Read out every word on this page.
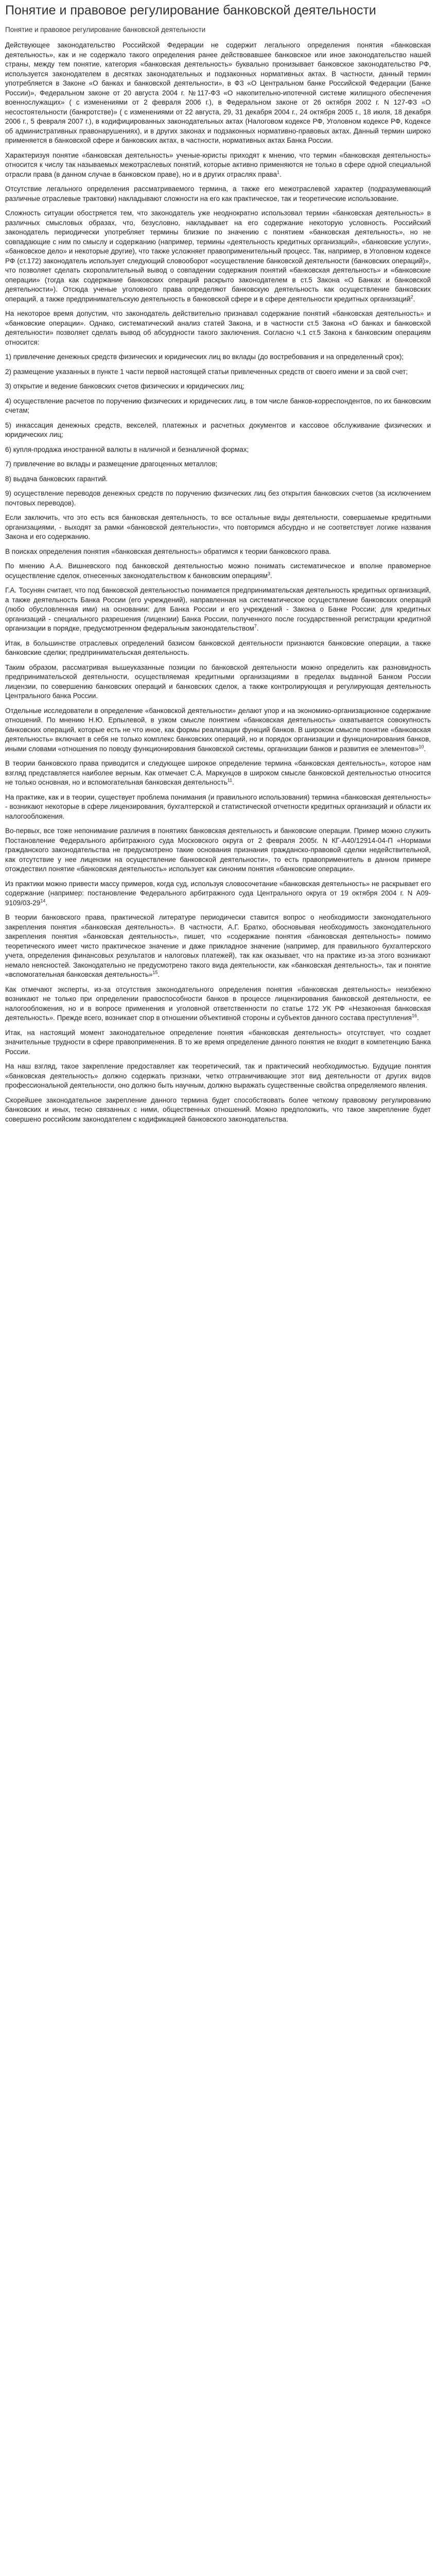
Понятие и правовое регулирование банковской деятельности
Понятие и правовое регулирование банковской деятельности

Действующее законодательство Российской Федерации не содержит легального определения понятия «банковская деятельность», как и не содержало такого определения ранее действовавшее банковское или иное законодательство нашей страны, между тем понятие, категория «банковская деятельность» буквально пронизывает банковское законодательство РФ, используется законодателем в десятках законодательных и подзаконных нормативных актах. В частности, данный термин употребляется в Законе «О банках и банковской деятельности», в ФЗ «О Центральном банке Российской Федерации (Банке России)», Федеральном законе от 20 августа 2004 г. №117-ФЗ «О накопительно-ипотечной системе жилищного обеспечения военнослужащих» ( с изменениями от 2 февраля 2006 г.), в Федеральном законе от 26 октября 2002 г. N 127-ФЗ «О несостоятельности (банкротстве)» ( с изменениями от 22 августа, 29, 31 декабря 2004 г., 24 октября 2005 г., 18 июля, 18 декабря 2006 г., 5 февраля 2007 г.), в кодифицированных законодательных актах (Налоговом кодексе РФ, Уголовном кодексе РФ, Кодексе об административных правонарушениях), и в других законах и подзаконных нормативно-правовых актах. Данный термин широко применяется в банковской сфере и банковских актах, в частности, нормативных актах Банка России.

Характеризуя понятие «банковская деятельность» ученые-юристы приходят к мнению, что термин «банковская деятельность» относится к числу так называемых межотраслевых понятий, которые активно применяются не только в сфере одной специальной отрасли права (в данном случае в банковском праве), но и в других отраслях права$^1$.

Отсутствие легального определения рассматриваемого термина, а также его межотраслевой характер (подразумевающий различные отраслевые трактовки) накладывают сложности на его как практическое, так и теоретические использование.

Сложность ситуации обостряется тем, что законодатель уже неоднократно использовал термин «банковская деятельность» в различных смысловых образах, что, безусловно, накладывает на его содержание некоторую условность. Российский законодатель периодически употребляет термины близкие по значению с понятием «банковская деятельность», но не совпадающие с ним по смыслу и содержанию (например, термины «деятельность кредитных организаций», «банковские услуги», «банковское дело» и некоторые другие), что также усложняет правоприменительный процесс. Так, например, в Уголовном кодексе РФ (ст.172) законодатель использует следующий словооборот «осуществление банковской деятельности (банковских операций)», что позволяет сделать скоропалительный вывод о совпадении содержания понятий «банковская деятельность» и «банковские операции» (тогда как содержание банковских операций раскрыто законодателем в ст.5 Закона «О Банках и банковской деятельности»). Отсюда ученые уголовного права определяют банковскую деятельность как осуществление банковских операций, а также предпринимательскую деятельность в банковской сфере и в сфере деятельности кредитных организаций$^2$.

На некоторое время допустим, что законодатель действительно признавал содержание понятий «банковская деятельность» и «банковские операции». Однако, систематический анализ статей Закона, и в частности ст.5 Закона «О банках и банковской деятельности» позволяет сделать вывод об абсурдности такого заключения. Согласно ч.1 ст.5 Закона к банковским операциям относится:

1) привлечение денежных средств физических и юридических лиц во вклады (до востребования и на определенный срок);

2) размещение указанных в пункте 1 части первой настоящей статьи привлеченных средств от своего имени и за свой счет;

3) открытие и ведение банковских счетов физических и юридических лиц;

4) осуществление расчетов по поручению физических и юридических лиц, в том числе банков-корреспондентов, по их банковским счетам;

5) инкассация денежных средств, векселей, платежных и расчетных документов и кассовое обслуживание физических и юридических лиц;

6) купля-продажа иностранной валюты в наличной и безналичной формах;

7) привлечение во вклады и размещение драгоценных металлов;

8) выдача банковских гарантий.

9) осуществление переводов денежных средств по поручению физических лиц без открытия банковских счетов (за исключением почтовых переводов).

Если заключить, что это есть вся банковская деятельность, то все остальные виды деятельности, совершаемые кредитными организациями, - выходят за рамки «банковской деятельности», что повторимся абсурдно и не соответствует логике названия Закона и его содержанию.

В поисках определения понятия «банковская деятельность» обратимся к теории банковского права.

По мнению А.А. Вишневского под банковской деятельностью можно понимать систематическое и вполне правомерное осуществление сделок, отнесенных законодательством к банковским операциям$^3$.

Г.А. Тосунян считает, что под банковской деятельностью понимается предпринимательская деятельность кредитных организаций, а также деятельность Банка России (его учреждений), направленная на систематическое осуществление банковских операций (любо обусловленная ими) на основании: для Банка России и его учреждений - Закона о Банке России; для кредитных организаций - специального разрешения (лицензии) Банка России, полученного после государственной регистрации кредитной организации в порядке, предусмотренном федеральным законодательством$^7$.

Итак, в большинстве отраслевых определений базисом банковской деятельности признаются банковские операции, а также банковские сделки; предпринимательская деятельность.

Таким образом, рассматривая вышеуказанные позиции по банковской деятельности можно определить как разновидность предпринимательской деятельности, осуществляемая кредитными организациями в пределах выданной Банком России лицензии, по совершению банковских операций и банковских сделок, а также контролирующая и регулирующая деятельность Центрального банка России.

Отдельные исследователи в определение «банковской деятельности» делают упор и на экономико-организационное содержание отношений. По мнению Н.Ю. Ерпылевой, в узком смысле понятием «банковская деятельность» охватывается совокупность банковских операций, которые есть не что иное, как формы реализации функций банков. В широком смысле понятие «банковская деятельность» включает в себя не только комплекс банковских операций, но и порядок организации и функционирования банков, иными словами «отношения по поводу функционирования банковской системы, организации банков и развития ее элементов»$^{10}$.

В теории банковского права приводится и следующее широкое определение термина «банковская деятельность», которое нам взгляд представляется наиболее верным. Как отмечает С.А. Маркунцов в широком смысле банковской деятельностью относится не только основная, но и вспомогательная банковская деятельность$^{11}$.

На практике, как и в теории, существует проблема понимания (и правильного использования) термина «банковская деятельность» - возникают некоторые в сфере лицензирования, бухгалтерской и статистической отчетности кредитных организаций и области их налогообложения.

Во-первых, все тоже непонимание различия в понятиях банковская деятельность и банковские операции. Пример можно служить Постановление Федерального арбитражного суда Московского округа от 2 февраля 2005г. N КГ-А40/12914-04-П «Нормами гражданского законодательства не предусмотрено такие основания признания гражданско-правовой сделки недействительной, как отсутствие у нее лицензии на осуществление банковской деятельности», то есть правоприменитель в данном примере отождествил понятие «банковская деятельность» использует как синоним понятия «банковские операции».

Из практики можно привести массу примеров, когда суд, используя словосочетание «банковская деятельность» не раскрывает его содержание (например: постановление Федерального арбитражного суда Центрального округа от 19 октября 2004 г. N $А09-9109/03-29^{14}$.

В теории банковского права, практической литературе периодически ставится вопрос о необходимости законодательного закрепления понятия «банковская деятельность». В частности, А.Г. Братко, обосновывая необходимость законодательного закрепления понятия «банковская деятельность», пишет, что «содержание понятия «банковская деятельность» помимо теоретического имеет чисто практическое значение и даже прикладное значение (например, для правильного бухгалтерского учета, определения финансовых результатов и налоговых платежей), так как оказывает, что на практике из-за этого возникают немало неясностей. Законодательно не предусмотрено такого вида деятельности, как «банковская деятельность», так и понятие «вспомогательная банковская деятельность»$^{15}$.

Как отмечают эксперты, из-за отсутствия законодательного определения понятия «банковская деятельность» неизбежно возникают не только при определении правоспособности банков в процессе лицензирования банковской деятельности, ее налогообложения, но и в вопросе применения и уголовной ответственности по статье 172 УК РФ «Незаконная банковская деятельность». Прежде всего, возникает спор в отношении объективной стороны и субъектов данного состава преступления$^{16}$.

Итак, на настоящий момент законодательное определение понятия «банковская деятельность» отсутствует, что создает значительные трудности в сфере правоприменения. В то же время определение данного понятия не входит в компетенцию Банка России.

На наш взгляд, такое закрепление предоставляет как теоретический, так и практический необходимостью. Будущие понятия «банковская деятельность» должно содержать признаки, четко отграничивающие этот вид деятельности от других видов профессиональной деятельности, оно должно быть научным, должно выражать существенные свойства определяемого явления.

Скорейшее законодательное закрепление данного термина будет способствовать более четкому правовому регулированию банковских и иных, тесно связанных с ними, общественных отношений. Можно предположить, что такое закрепление будет совершено российским законодателем с кодификацией банковского законодательства.
